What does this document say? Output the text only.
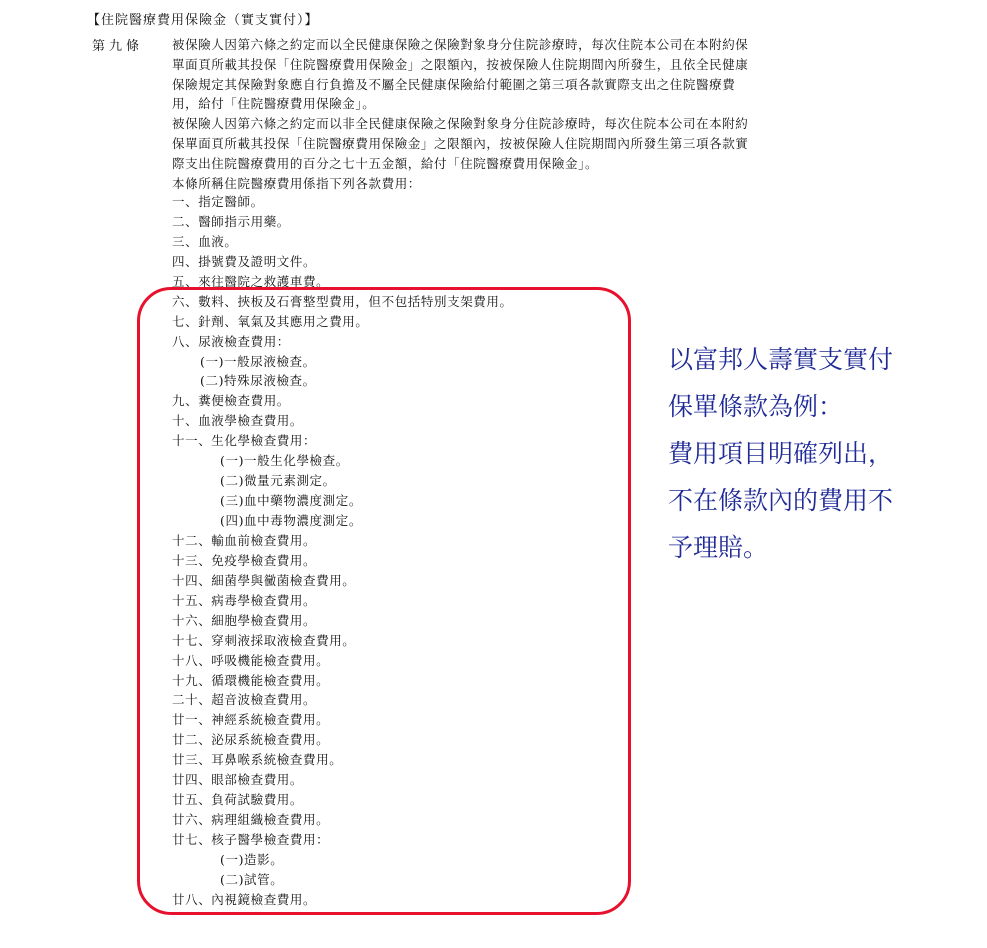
【住院醫療費用保險金（實支實付）】
第九條 被保險人因第六條之約定而以全民健康保險之保險對象身分住院診療時，每次住院本公司在本附約保

單面頁所載其投保「住院醫療費用保險金」之限額內，按被保險人住院期間內所發生，且依全民健康

保險規定其保險對象應自行負擔及不屬全民健康保險給付範圍之第三項各款實際支出之住院醫療費

用，給付「住院醫療費用保險金」。

被保險人因第六條之約定而以非全民健康保險之保險對象身分住院診療時，每次住院本公司在本附約

保單面頁所載其投保「住院醫療費用保險金」之限額內，按被保險人住院期間內所發生第三項各款實

際支出住院醫療費用的百分之七十五金額，給付「住院醫療費用保險金」。

本條所稱住院醫療費用係指下列各款費用：

一、指定醫師。
二、醫師指示用藥。
三、血液。
四、掛號費及證明文件。
五、來往醫院之救護車費。
六、數料、挾板及石膏整型費用，但不包括特別支架費用。
七、針劑、氧氣及其應用之費用。
八、尿液檢查費用：
(一)一般尿液檢查。
(二)特殊尿液檢查。
九、糞便檢查費用。
十、血液學檢查費用。
十一、生化學檢查費用：
(一)一般生化學檢查。
(二)微量元素測定。
(三)血中藥物濃度測定。
(四)血中毒物濃度測定。
十二、輸血前檢查費用。
十三、免疫學檢查費用。
十四、細菌學與黴菌檢查費用。
十五、病毒學檢查費用。
十六、細胞學檢查費用。
十七、穿刺液採取液檢查費用。
十八、呼吸機能檢查費用。
十九、循環機能檢查費用。
二十、超音波檢查費用。
廿一、神經系統檢查費用。
廿二、泌尿系統檢查費用。
廿三、耳鼻喉系統檢查費用。
廿四、眼部檢查費用。
廿五、負荷試驗費用。
廿六、病理組織檢查費用。
廿七、核子醫學檢查費用：
(一)造影。
(二)試管。
廿八、內視鏡檢查費用。
以富邦人壽實支實付
保單條款為例：
費用項目明確列出，
不在條款內的費用不
予理賠。
